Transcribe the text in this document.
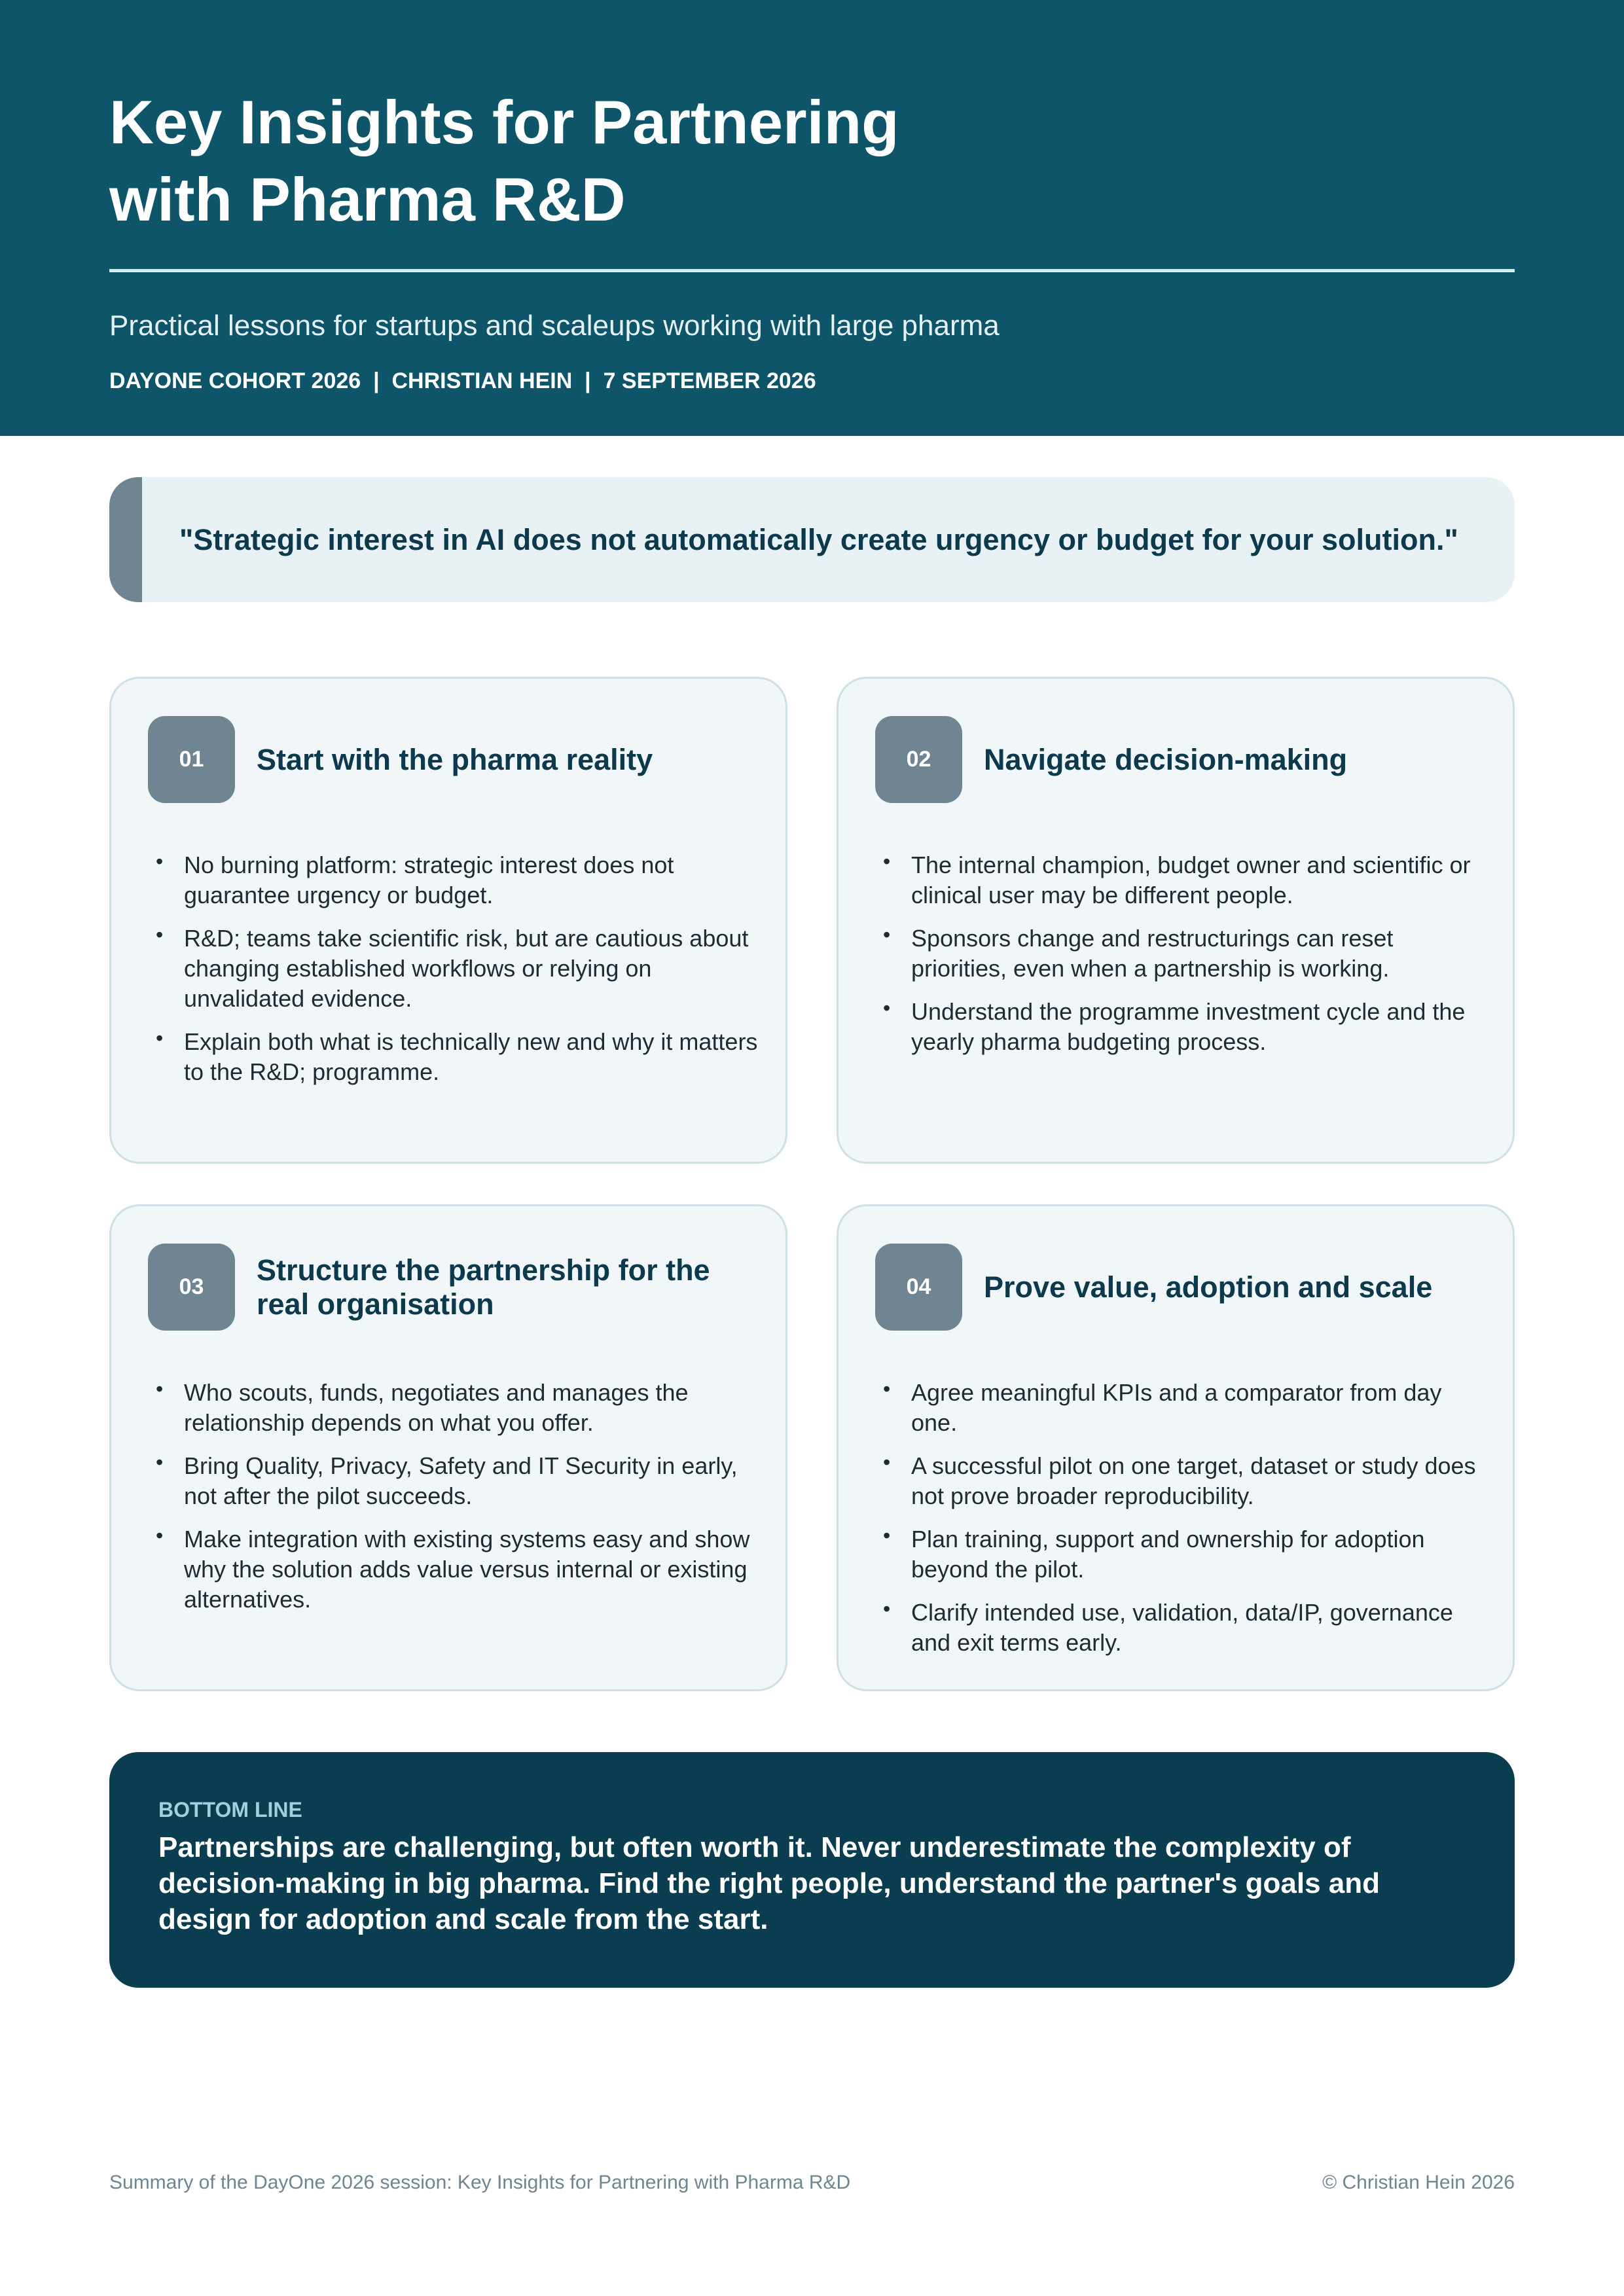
Key Insights for Partnering
with Pharma R&D
Practical lessons for startups and scaleups working with large pharma
DAYONE COHORT 2026  |  CHRISTIAN HEIN  |  7 SEPTEMBER 2026
"Strategic interest in AI does not automatically create urgency or budget for your solution."
01	Start with the pharma reality
• No burning platform: strategic interest does not guarantee urgency or budget.
• R&D; teams take scientific risk, but are cautious about changing established workflows or relying on unvalidated evidence.
• Explain both what is technically new and why it matters to the R&D; programme.
02	Navigate decision-making
• The internal champion, budget owner and scientific or clinical user may be different people.
• Sponsors change and restructurings can reset priorities, even when a partnership is working.
• Understand the programme investment cycle and the yearly pharma budgeting process.
03
Structure the partnership for the real organisation
• Who scouts, funds, negotiates and manages the relationship depends on what you offer.
• Bring Quality, Privacy, Safety and IT Security in early, not after the pilot succeeds.
• Make integration with existing systems easy and show why the solution adds value versus internal or existing alternatives.
04	Prove value, adoption and scale
• Agree meaningful KPIs and a comparator from day one.
• A successful pilot on one target, dataset or study does not prove broader reproducibility.
• Plan training, support and ownership for adoption beyond the pilot.
• Clarify intended use, validation, data/IP, governance and exit terms early.
BOTTOM LINE
Partnerships are challenging, but often worth it. Never underestimate the complexity of decision-making in big pharma. Find the right people, understand the partner's goals and design for adoption and scale from the start.
Summary of the DayOne 2026 session: Key Insights for Partnering with Pharma R&D	© Christian Hein 2026
